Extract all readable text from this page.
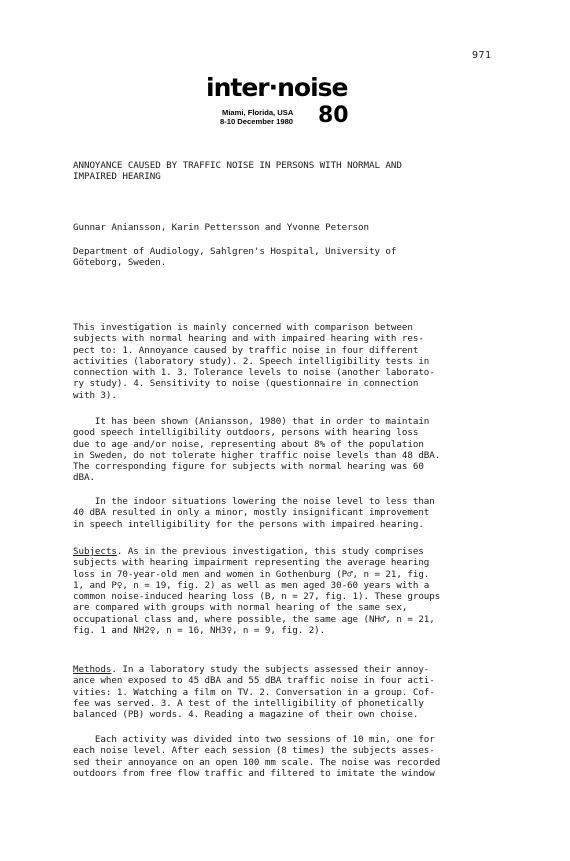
971
inter·noise
Miami, Florida, USA
8-10 December 1980 80
ANNOYANCE CAUSED BY TRAFFIC NOISE IN PERSONS WITH NORMAL AND
IMPAIRED HEARING
Gunnar Aniansson, Karin Pettersson and Yvonne Peterson
Department of Audiology, Sahlgren's Hospital, University of
Göteborg, Sweden.
This investigation is mainly concerned with comparison between
subjects with normal hearing and with impaired hearing with res-
pect to: 1. Annoyance caused by traffic noise in four different
activities (laboratory study). 2. Speech intelligibility tests in
connection with 1. 3. Tolerance levels to noise (another laborato-
ry study). 4. Sensitivity to noise (questionnaire in connection
with 3).
It has been shown (Aniansson, 1980) that in order to maintain
good speech intelligibility outdoors, persons with hearing loss
due to age and/or noise, representing about 8% of the population
in Sweden, do not tolerate higher traffic noise levels than 48 dBA.
The corresponding figure for subjects with normal hearing was 60
dBA.
In the indoor situations lowering the noise level to less than
40 dBA resulted in only a minor, mostly insignificant improvement
in speech intelligibility for the persons with impaired hearing.
Subjects. As in the previous investigation, this study comprises
subjects with hearing impairment representing the average hearing
loss in 70-year-old men and women in Gothenburg (P♂, n = 21, fig.
1, and P♀, n = 19, fig. 2) as well as men aged 30-60 years with a
common noise-induced hearing loss (B, n = 27, fig. 1). These groups
are compared with groups with normal hearing of the same sex,
occupational class and, where possible, the same age (NH♂, n = 21,
fig. 1 and NH2♀, n = 16, NH3♀, n = 9, fig. 2).
Methods. In a laboratory study the subjects assessed their annoy-
ance when exposed to 45 dBA and 55 dBA traffic noise in four acti-
vities: 1. Watching a film on TV. 2. Conversation in a group. Cof-
fee was served. 3. A test of the intelligibility of phonetically
balanced (PB) words. 4. Reading a magazine of their own choise.
Each activity was divided into two sessions of 10 min, one for
each noise level. After each session (8 times) the subjects asses-
sed their annoyance on an open 100 mm scale. The noise was recorded
outdoors from free flow traffic and filtered to imitate the window
